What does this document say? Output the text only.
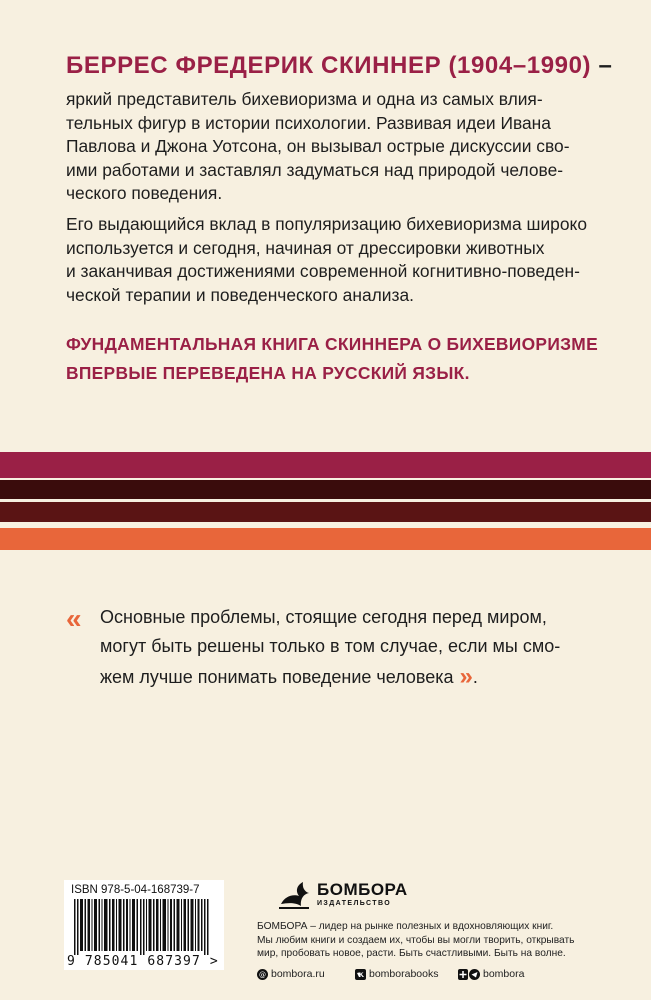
БЕРРЕС ФРЕДЕРИК СКИННЕР (1904–1990) –
яркий представитель бихевиоризма и одна из самых влия-
тельных фигур в истории психологии. Развивая идеи Ивана
Павлова и Джона Уотсона, он вызывал острые дискуссии сво-
ими работами и заставлял задуматься над природой челове-
ческого поведения.
Его выдающийся вклад в популяризацию бихевиоризма широко
используется и сегодня, начиная от дрессировки животных
и заканчивая достижениями современной когнитивно-поведен-
ческой терапии и поведенческого анализа.
ФУНДАМЕНТАЛЬНАЯ КНИГА СКИННЕРА О БИХЕВИОРИЗМЕ
ВПЕРВЫЕ ПЕРЕВЕДЕНА НА РУССКИЙ ЯЗЫК.
« Основные проблемы, стоящие сегодня перед миром,
могут быть решены только в том случае, если мы смо-
жем лучше понимать поведение человека ».
ISBN 978-5-04-168739-7
9 785041 687397 >
БОМБОРА
ИЗДАТЕЛЬСТВО
БОМБОРА – лидер на рынке полезных и вдохновляющих книг.
Мы любим книги и создаем их, чтобы вы могли творить, открывать
мир, пробовать новое, расти. Быть счастливыми. Быть на волне.
@ bombora.ru	bomborabooks	bombora
